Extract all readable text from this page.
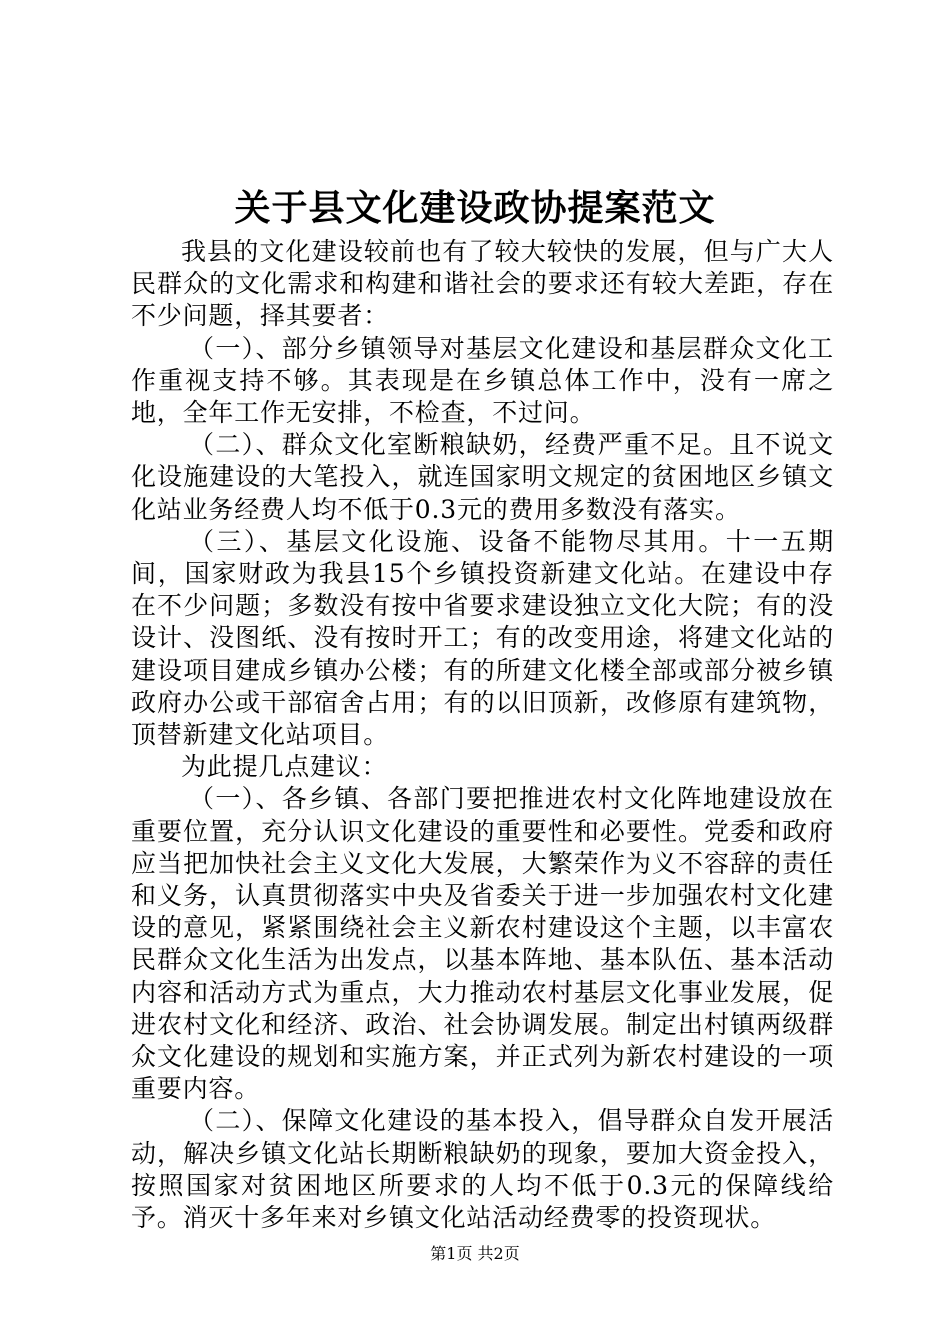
关于县文化建设政协提案范文

我县的文化建设较前也有了较大较快的发展，但与广大人民群众的文化需求和构建和谐社会的要求还有较大差距，存在不少问题，择其要者：

（一）、部分乡镇领导对基层文化建设和基层群众文化工作重视支持不够。其表现是在乡镇总体工作中，没有一席之地，全年工作无安排，不检查，不过问。

（二）、群众文化室断粮缺奶，经费严重不足。且不说文化设施建设的大笔投入，就连国家明文规定的贫困地区乡镇文化站业务经费人均不低于0.3元的费用多数没有落实。

（三）、基层文化设施、设备不能物尽其用。十一五期间，国家财政为我县15个乡镇投资新建文化站。在建设中存在不少问题；多数没有按中省要求建设独立文化大院；有的没设计、没图纸、没有按时开工；有的改变用途，将建文化站的建设项目建成乡镇办公楼；有的所建文化楼全部或部分被乡镇政府办公或干部宿舍占用；有的以旧顶新，改修原有建筑物，顶替新建文化站项目。

为此提几点建议：

（一）、各乡镇、各部门要把推进农村文化阵地建设放在重要位置，充分认识文化建设的重要性和必要性。党委和政府应当把加快社会主义文化大发展，大繁荣作为义不容辞的责任和义务，认真贯彻落实中央及省委关于进一步加强农村文化建设的意见，紧紧围绕社会主义新农村建设这个主题，以丰富农民群众文化生活为出发点，以基本阵地、基本队伍、基本活动内容和活动方式为重点，大力推动农村基层文化事业发展，促进农村文化和经济、政治、社会协调发展。制定出村镇两级群众文化建设的规划和实施方案，并正式列为新农村建设的一项重要内容。

（二）、保障文化建设的基本投入，倡导群众自发开展活动，解决乡镇文化站长期断粮缺奶的现象，要加大资金投入，按照国家对贫困地区所要求的人均不低于0.3元的保障线给予。消灭十多年来对乡镇文化站活动经费零的投资现状。

第1页 共2页
